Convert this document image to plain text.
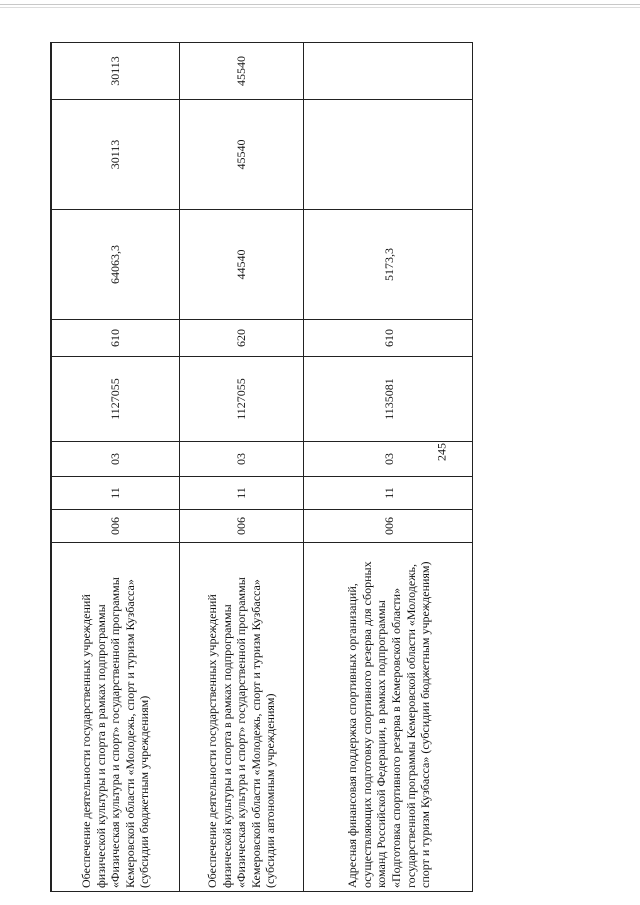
245
Обеспечение деятельности государственных учреждений физической культуры и спорта в рамках подпрограммы «Физическая культура и спорт» государственной программы Кемеровской области «Молодежь, спорт и туризм Кузбасса» (субсидии бюджетным учреждениям)	006	11	03	1127055	610	64063,3	30113	30113
Обеспечение деятельности государственных учреждений физической культуры и спорта в рамках подпрограммы «Физическая культура и спорт» государственной программы Кемеровской области «Молодежь, спорт и туризм Кузбасса» (субсидии автономным учреждениям)	006	11	03	1127055	620	44540	45540	45540
Адресная финансовая поддержка спортивных организаций, осуществляющих подготовку спортивного резерва для сборных команд Российской Федерации, в рамках подпрограммы «Подготовка спортивного резерва в Кемеровской области» государственной программы Кемеровской области «Молодежь, спорт и туризм Кузбасса» (субсидии бюджетным учреждениям)	006	11	03	1135081	610	5173,3		
